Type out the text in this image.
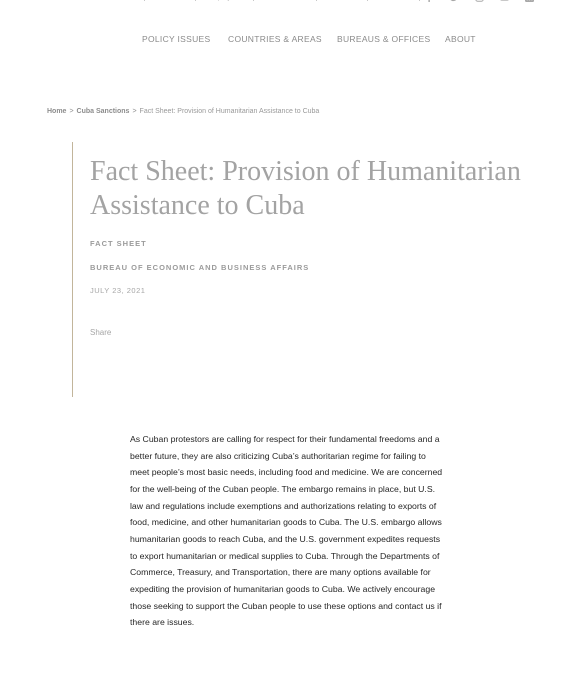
POLICY ISSUES COUNTRIES & AREAS BUREAUS & OFFICES ABOUT
Home > Cuba Sanctions > Fact Sheet: Provision of Humanitarian Assistance to Cuba
Fact Sheet: Provision of Humanitarian Assistance to Cuba
FACT SHEET
BUREAU OF ECONOMIC AND BUSINESS AFFAIRS
JULY 23, 2021
Share

As Cuban protestors are calling for respect for their fundamental freedoms and a better future, they are also criticizing Cuba’s authoritarian regime for failing to meet people’s most basic needs, including food and medicine. We are concerned for the well-being of the Cuban people. The embargo remains in place, but U.S. law and regulations include exemptions and authorizations relating to exports of food, medicine, and other humanitarian goods to Cuba. The U.S. embargo allows humanitarian goods to reach Cuba, and the U.S. government expedites requests to export humanitarian or medical supplies to Cuba. Through the Departments of Commerce, Treasury, and Transportation, there are many options available for expediting the provision of humanitarian goods to Cuba. We actively encourage those seeking to support the Cuban people to use these options and contact us if there are issues.
